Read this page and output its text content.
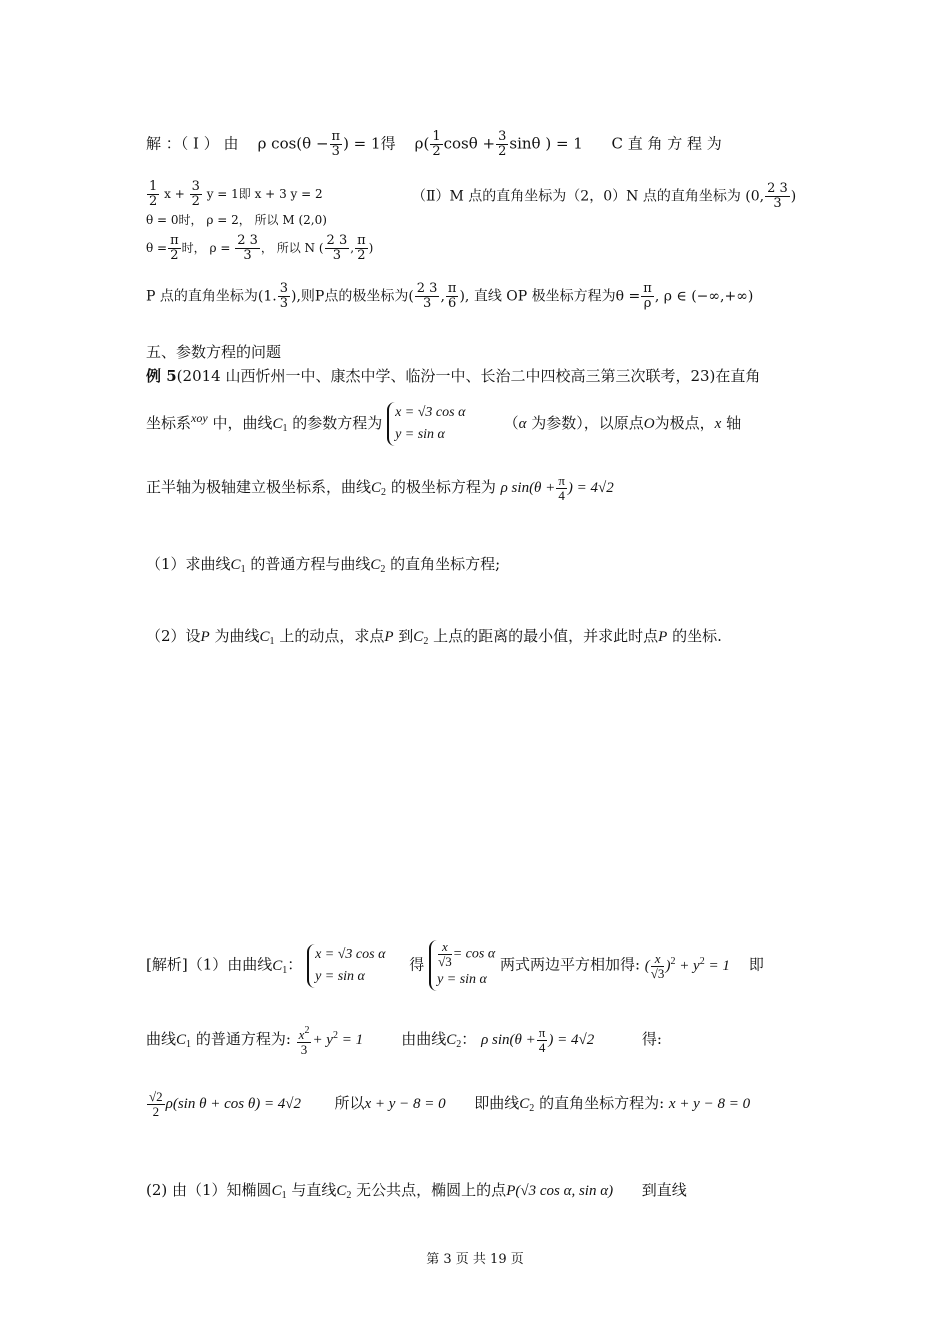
解 ：（ Ⅰ ） 由 ρ $\cos(\theta - \frac{\pi}{3}$ ) = 1得 $\rho( \frac{1}{2}$ $\cos\theta + \frac{3}{2}$ sinθ ) = 1 C 直 角 方 程 为
$\frac{1}{2}$ $x + \frac{3}{2}$ y = 1即 x + 3 y = 2	（Ⅱ）M 点的直角坐标为（2，0）N 点的直角坐标为 (0, $\frac{2 3}{3}$ )
θ = 0时， ρ = 2， 所以 M (2,0)
$\theta = \frac{\pi}{2}$ 时， $\rho = \frac{2 3}{3}$ ， 所以 N ( $\frac{2 3}{3}$ , $\frac{\pi}{2}$ )
P 点的直角坐标为(1. $\frac{3}{3}$ ),则P点的极坐标为( $\frac{2 3}{3}$ , $\frac{\pi}{6}$ ), 直线 OP 极坐标方程为$\theta = \frac{\pi}{\rho}$ , ρ ∈ (−∞,+∞)
五、参数方程的问题
例 5(2014 山西忻州一中、康杰中学、临汾一中、长治二中四校高三第三次联考，23)在直角
坐标系$^{xoy}$ 中，曲线$C_1$ 的参数方程为
x = √3 cos α
y = sin α
（α 为参数），以原点O为极点，x 轴
正半轴为极轴建立极坐标系，曲线$C_2$ 的极坐标方程为 ρ $\sin(\theta + \frac{\pi}{4}$ ) = 4√2
（1）求曲线$C_1$ 的普通方程与曲线$C_2$ 的直角坐标方程;
（2）设P 为曲线$C_1$ 上的动点，求点P 到$C_2$ 上点的距离的最小值，并求此时点P 的坐标.
[解析]（1）由曲线$C_1$：
x = √3 cos α
y = sin α
得 $\frac{x}{√3} = \cos \alpha$
y = sin α
两式两边平方相加得: ( $\frac{x}{√3} )^2 + y^2 = 1$ 即
曲线$C_1$ 的普通方程为: $\frac{x^2}{3} + y^2 = 1$	由曲线$C_2$： ρ $\sin(\theta + \frac{\pi}{4}$ ) = 4√2	得:
$\frac{√2}{2} \rho(\sin$ θ + cos θ) = 4√2 所以x + y − 8 = 0 即曲线$C_2$ 的直角坐标方程为: x + y − 8 = 0
(2) 由（1）知椭圆$C_1$ 与直线$C_2$ 无公共点，椭圆上的点P(√3 cos α, sin α) 到直线
第 3 页 共 19 页
